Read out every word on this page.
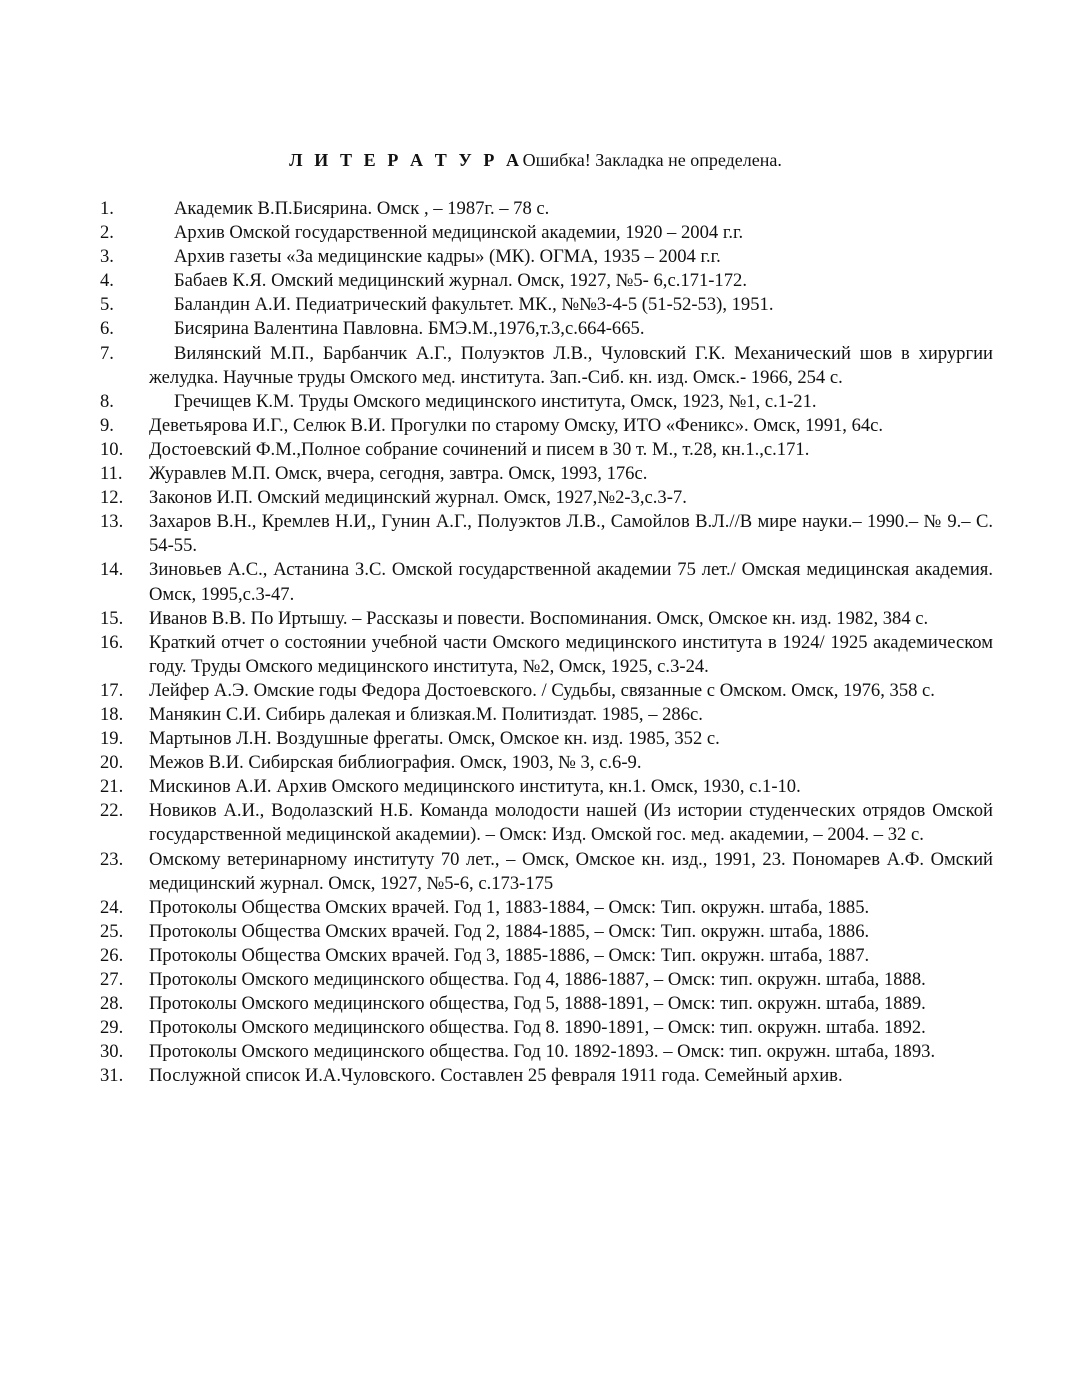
Л И Т Е Р А Т У Р АОшибка! Закладка не определена.
1.	Академик В.П.Бисярина. Омск , – 1987г. – 78 с.
2.	Архив Омской государственной медицинской академии, 1920 – 2004 г.г.
3.	Архив газеты «За медицинские кадры» (МК). ОГМА, 1935 – 2004 г.г.
4.	Бабаев К.Я. Омский медицинский журнал. Омск, 1927, №5- 6,с.171-172.
5.	Баландин А.И. Педиатрический факультет. МК., №№3-4-5 (51-52-53), 1951.
6.	Бисярина Валентина Павловна. БМЭ.М.,1976,т.3,с.664-665.
7.	Вилянский М.П., Барбанчик А.Г., Полуэктов Л.В., Чуловский Г.К. Механический шов в хирургии желудка. Научные труды Омского мед. института. Зап.-Сиб. кн. изд. Омск.- 1966, 254 с.
8.	Гречищев К.М. Труды Омского медицинского института, Омск, 1923, №1, с.1-21.
9. Деветьярова И.Г., Селюк В.И. Прогулки по старому Омску, ИТО «Феникс». Омск, 1991, 64с.
10. Достоевский Ф.М.,Полное собрание сочинений и писем в 30 т. М., т.28, кн.1.,с.171.
11. Журавлев М.П. Омск, вчера, сегодня, завтра. Омск, 1993, 176с.
12. Законов И.П. Омский медицинский журнал. Омск, 1927,№2-3,с.3-7.
13. Захаров В.Н., Кремлев Н.И,, Гунин А.Г., Полуэктов Л.В., Самойлов В.Л.//В мире науки.– 1990.– № 9.– С. 54-55.
14. Зиновьев А.С., Астанина З.С. Омской государственной академии 75 лет./ Омская медицинская академия. Омск, 1995,с.3-47.
15. Иванов В.В. По Иртышу. – Рассказы и повести. Воспоминания. Омск, Омское кн. изд. 1982, 384 с.
16. Краткий отчет о состоянии учебной части Омского медицинского института в 1924/ 1925 академическом году. Труды Омского медицинского института, №2, Омск, 1925, с.3-24.
17. Лейфер А.Э. Омские годы Федора Достоевского. / Судьбы, связанные с Омском. Омск, 1976, 358 с.
18. Манякин С.И. Сибирь далекая и близкая.М. Политиздат. 1985, – 286с.
19. Мартынов Л.Н. Воздушные фрегаты. Омск, Омское кн. изд. 1985, 352 с.
20. Межов В.И. Сибирская библиография. Омск, 1903, № 3, с.6-9.
21. Мискинов А.И. Архив Омского медицинского института, кн.1. Омск, 1930, с.1-10.
22. Новиков А.И., Водолазский Н.Б. Команда молодости нашей (Из истории студенческих отрядов Омской государственной медицинской академии). – Омск: Изд. Омской гос. мед. академии, – 2004. – 32 с.
23. Омскому ветеринарному институту 70 лет., – Омск, Омское кн. изд., 1991, 23. Пономарев А.Ф. Омский медицинский журнал. Омск, 1927, №5-6, с.173-175
24. Протоколы Общества Омских врачей. Год 1, 1883-1884, – Омск: Тип. окружн. штаба, 1885.
25. Протоколы Общества Омских врачей. Год 2, 1884-1885, – Омск: Тип. окружн. штаба, 1886.
26. Протоколы Общества Омских врачей. Год 3, 1885-1886, – Омск: Тип. окружн. штаба, 1887.
27. Протоколы Омского медицинского общества. Год 4, 1886-1887, – Омск: тип. окружн. штаба, 1888.
28. Протоколы Омского медицинского общества, Год 5, 1888-1891, – Омск: тип. окружн. штаба, 1889.
29. Протоколы Омского медицинского общества. Год 8. 1890-1891, – Омск: тип. окружн. штаба. 1892.
30. Протоколы Омского медицинского общества. Год 10. 1892-1893. – Омск: тип. окружн. штаба, 1893.
31. Послужной список И.А.Чуловского. Составлен 25 февраля 1911 года. Семейный архив.
